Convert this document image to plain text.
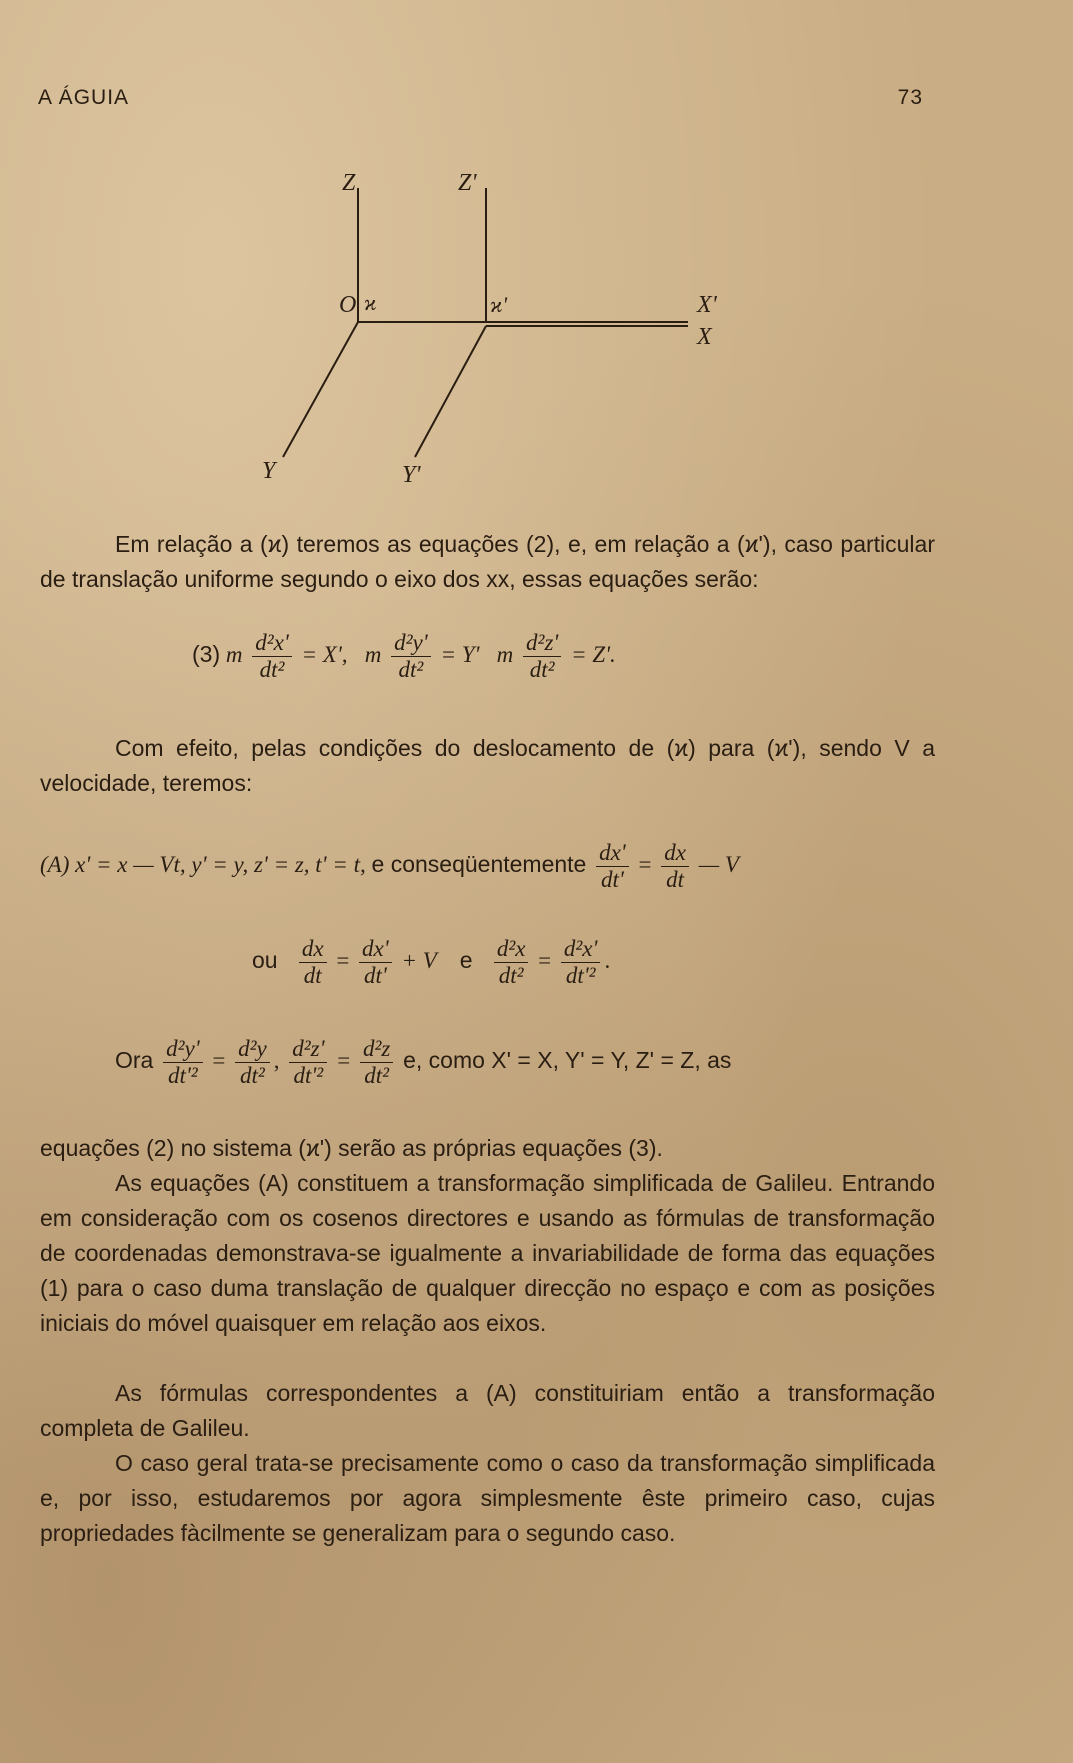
A ÁGUIA	73
Z	Z'
O ϰ	ϰ'	X'
X
Y	Y'
Em relação a (ϰ) teremos as equações (2), e, em relação a (ϰ'), caso particular de translação uniforme segundo o eixo dos xx, essas equações serão:
(3) m $\frac{\text{d²x'}}{\text{dt²}} = X'$, m $\frac{\text{d²y'}}{\text{dt²}} = Y'$ m $\frac{\text{d²z'}}{\text{dt²}} = Z'$.
Com efeito, pelas condições do deslocamento de (ϰ) para (ϰ'), sendo V a velocidade, teremos:
(A) x' = x — Vt, y' = y, z' = z, t' = t, e conseqüentemente $\frac{dx'}{dt'} = \frac{dx}{dt}$ — V
ou $\frac{dx}{dt} = \frac{dx'}{dt'} + V$ e $\frac{\text{d²x}}{\text{dt²}} = \frac{\text{d²x'}}{\text{dt'²}}$ .
Ora $\frac{\text{d²y'}}{\text{dt'²}} = \frac{\text{d²y}}{\text{dt²}}$ , $\frac{\text{d²z'}}{\text{dt'²}} = \frac{\text{d²z}}{\text{dt²}} e$, como X' = X, Y' = Y, Z' = Z, as
equações (2) no sistema (ϰ') serão as próprias equações (3).
As equações (A) constituem a transformação simplificada de Galileu. Entrando em consideração com os cosenos directores e usando as fórmulas de transformação de coordenadas demonstrava-se igualmente a invariabilidade de forma das equações (1) para o caso duma translação de qualquer direcção no espaço e com as posições iniciais do móvel quaisquer em relação aos eixos.
As fórmulas correspondentes a (A) constituiriam então a transformação completa de Galileu.
O caso geral trata-se precisamente como o caso da transformação simplificada e, por isso, estudaremos por agora simplesmente êste primeiro caso, cujas propriedades fàcilmente se generalizam para o segundo caso.
